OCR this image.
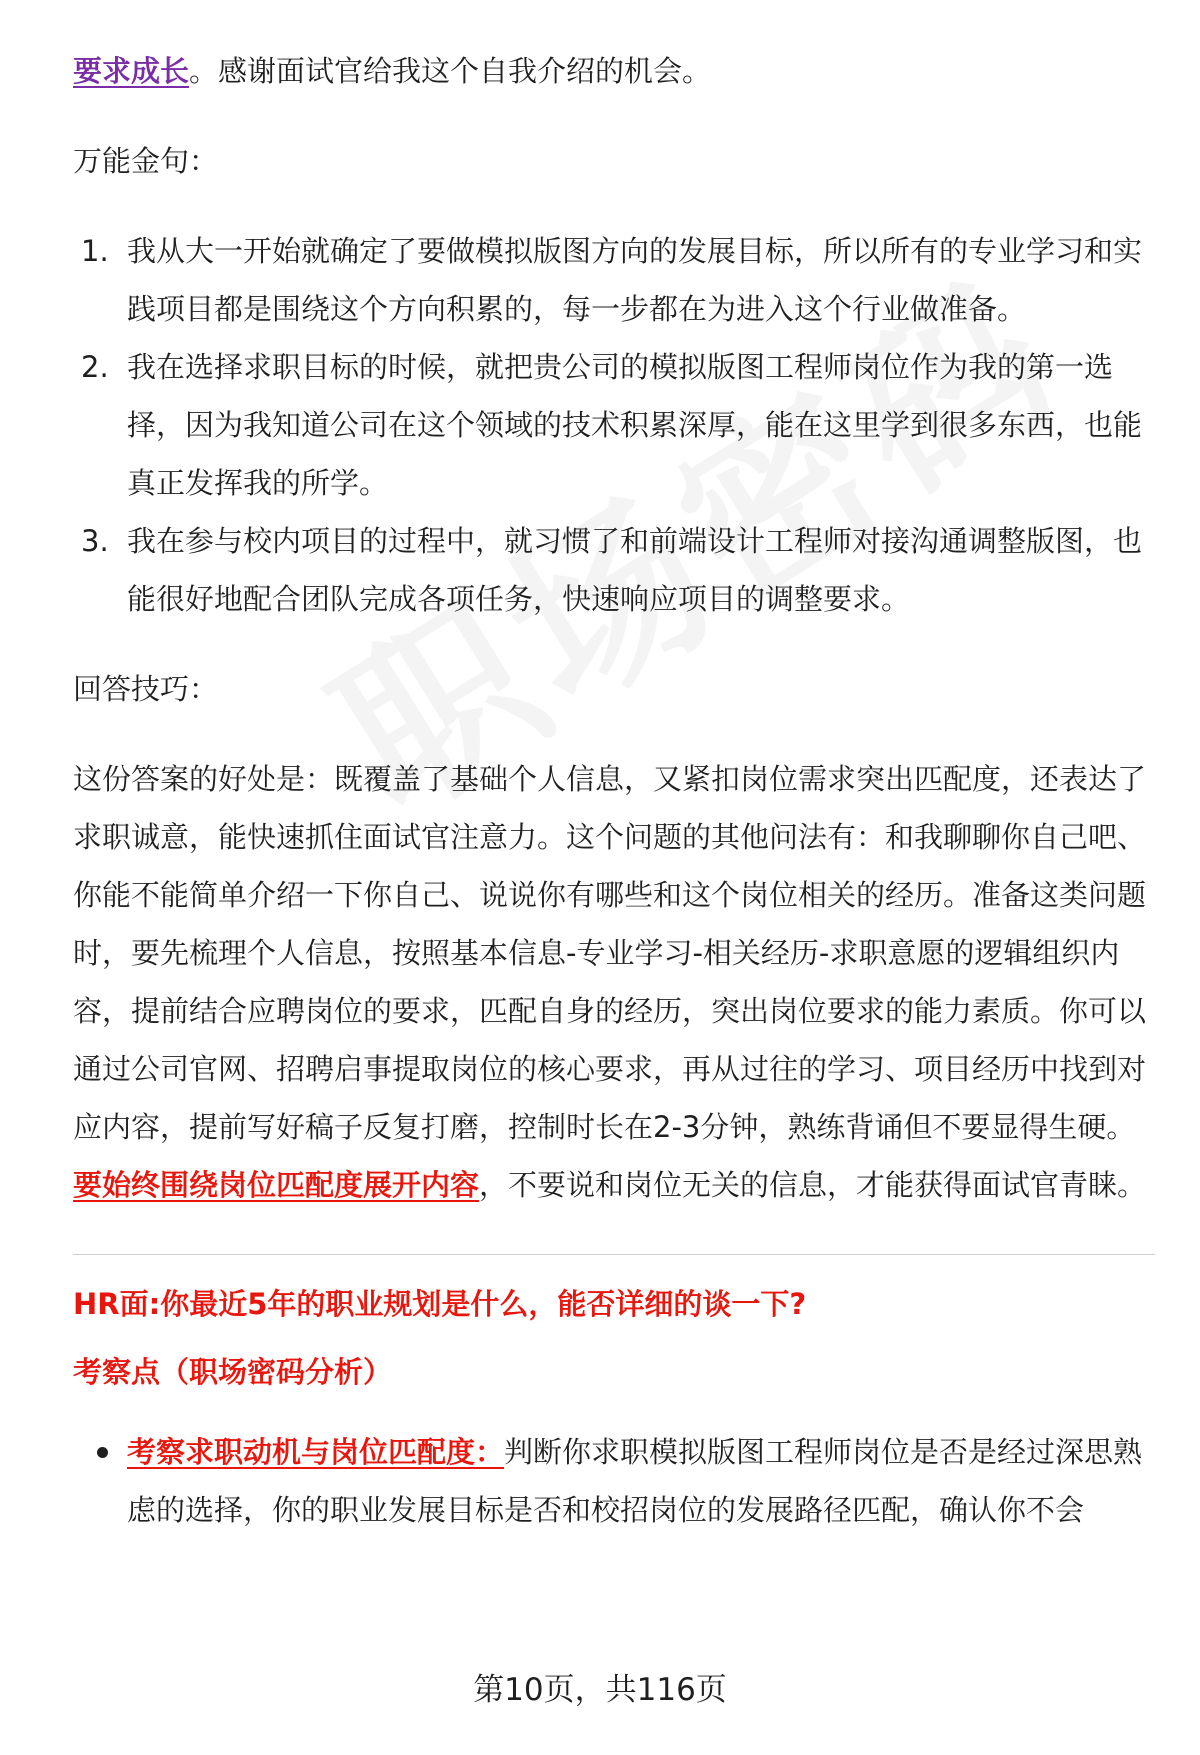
要求成长。感谢面试官给我这个自我介绍的机会。

万能金句：

我从大一开始就确定了要做模拟版图方向的发展目标，所以所有的专业学习和实践项目都是围绕这个方向积累的，每一步都在为进入这个行业做准备。
我在选择求职目标的时候，就把贵公司的模拟版图工程师岗位作为我的第一选择，因为我知道公司在这个领域的技术积累深厚，能在这里学到很多东西，也能真正发挥我的所学。
我在参与校内项目的过程中，就习惯了和前端设计工程师对接沟通调整版图，也能很好地配合团队完成各项任务，快速响应项目的调整要求。

回答技巧：

这份答案的好处是：既覆盖了基础个人信息，又紧扣岗位需求突出匹配度，还表达了求职诚意，能快速抓住面试官注意力。这个问题的其他问法有：和我聊聊你自己吧、你能不能简单介绍一下你自己、说说你有哪些和这个岗位相关的经历。准备这类问题时，要先梳理个人信息，按照基本信息-专业学习-相关经历-求职意愿的逻辑组织内容，提前结合应聘岗位的要求，匹配自身的经历，突出岗位要求的能力素质。你可以通过公司官网、招聘启事提取岗位的核心要求，再从过往的学习、项目经历中找到对应内容，提前写好稿子反复打磨，控制时长在2-3分钟，熟练背诵但不要显得生硬。要始终围绕岗位匹配度展开内容，不要说和岗位无关的信息，才能获得面试官青睐。

HR面:你最近5年的职业规划是什么，能否详细的谈一下?

考察点（职场密码分析）

考察求职动机与岗位匹配度：判断你求职模拟版图工程师岗位是否是经过深思熟虑的选择，你的职业发展目标是否和校招岗位的发展路径匹配，确认你不会
第10页，共116页
